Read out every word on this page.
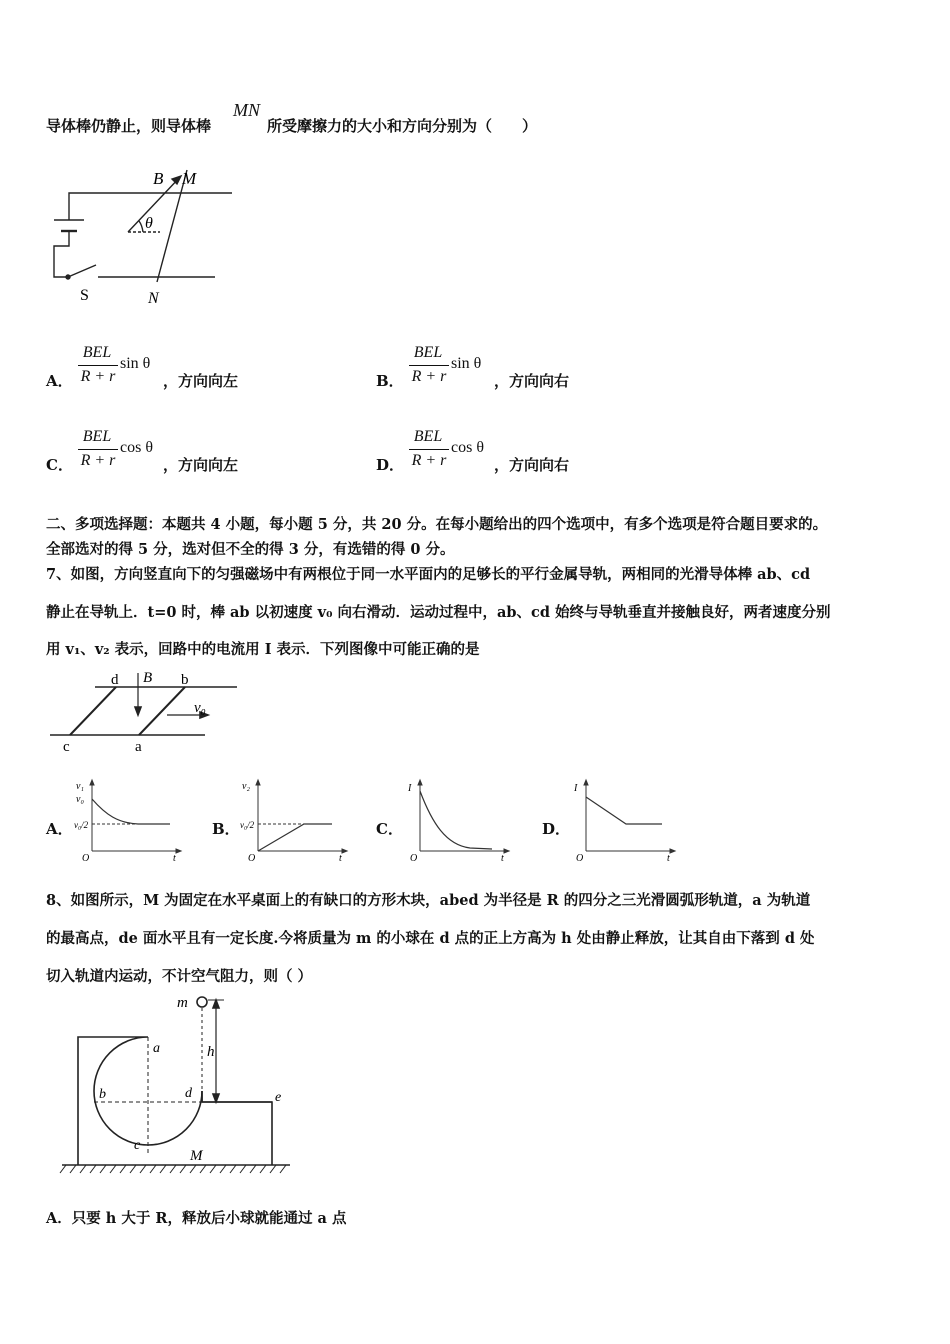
导体棒仍静止，则导体棒
MN
所受摩擦力的大小和方向分别为（　　）
B M
θ
S	N
A．
BEL
R + r
sin θ
，方向向左	B．
BEL
R + r
sin θ
，方向向右
C．
BEL
R + r
cos θ
，方向向左	D．
BEL
R + r
cos θ
，方向向右
二、多项选择题：本题共 4 小题，每小题 5 分，共 20 分。在每小题给出的四个选项中，有多个选项是符合题目要求的。
全部选对的得 5 分，选对但不全的得 3 分，有选错的得 0 分。
7、如图，方向竖直向下的匀强磁场中有两根位于同一水平面内的足够长的平行金属导轨，两相同的光滑导体棒 ab、cd
静止在导轨上．t=0 时，棒 ab 以初速度 v₀ 向右滑动．运动过程中，ab、cd 始终与导轨垂直并接触良好，两者速度分别
用 v₁、v₂ 表示，回路中的电流用 I 表示．下列图像中可能正确的是
d B b
v₀
c	a
A．
v₁
v₀
v₀/2
O	t
B．
v₂
v₀/2
O	t
C．
I
O	t
D．
I
O	t
8、如图所示，M 为固定在水平桌面上的有缺口的方形木块，abed 为半径是 R 的四分之三光滑圆弧形轨道，a 为轨道
的最高点，de 面水平且有一定长度.今将质量为 m 的小球在 d 点的正上方高为 h 处由静止释放，让其自由下落到 d 处
切入轨道内运动，不计空气阻力，则（ ）
m
h
a
b	d	e
c
M
A．只要 h 大于 R，释放后小球就能通过 a 点
